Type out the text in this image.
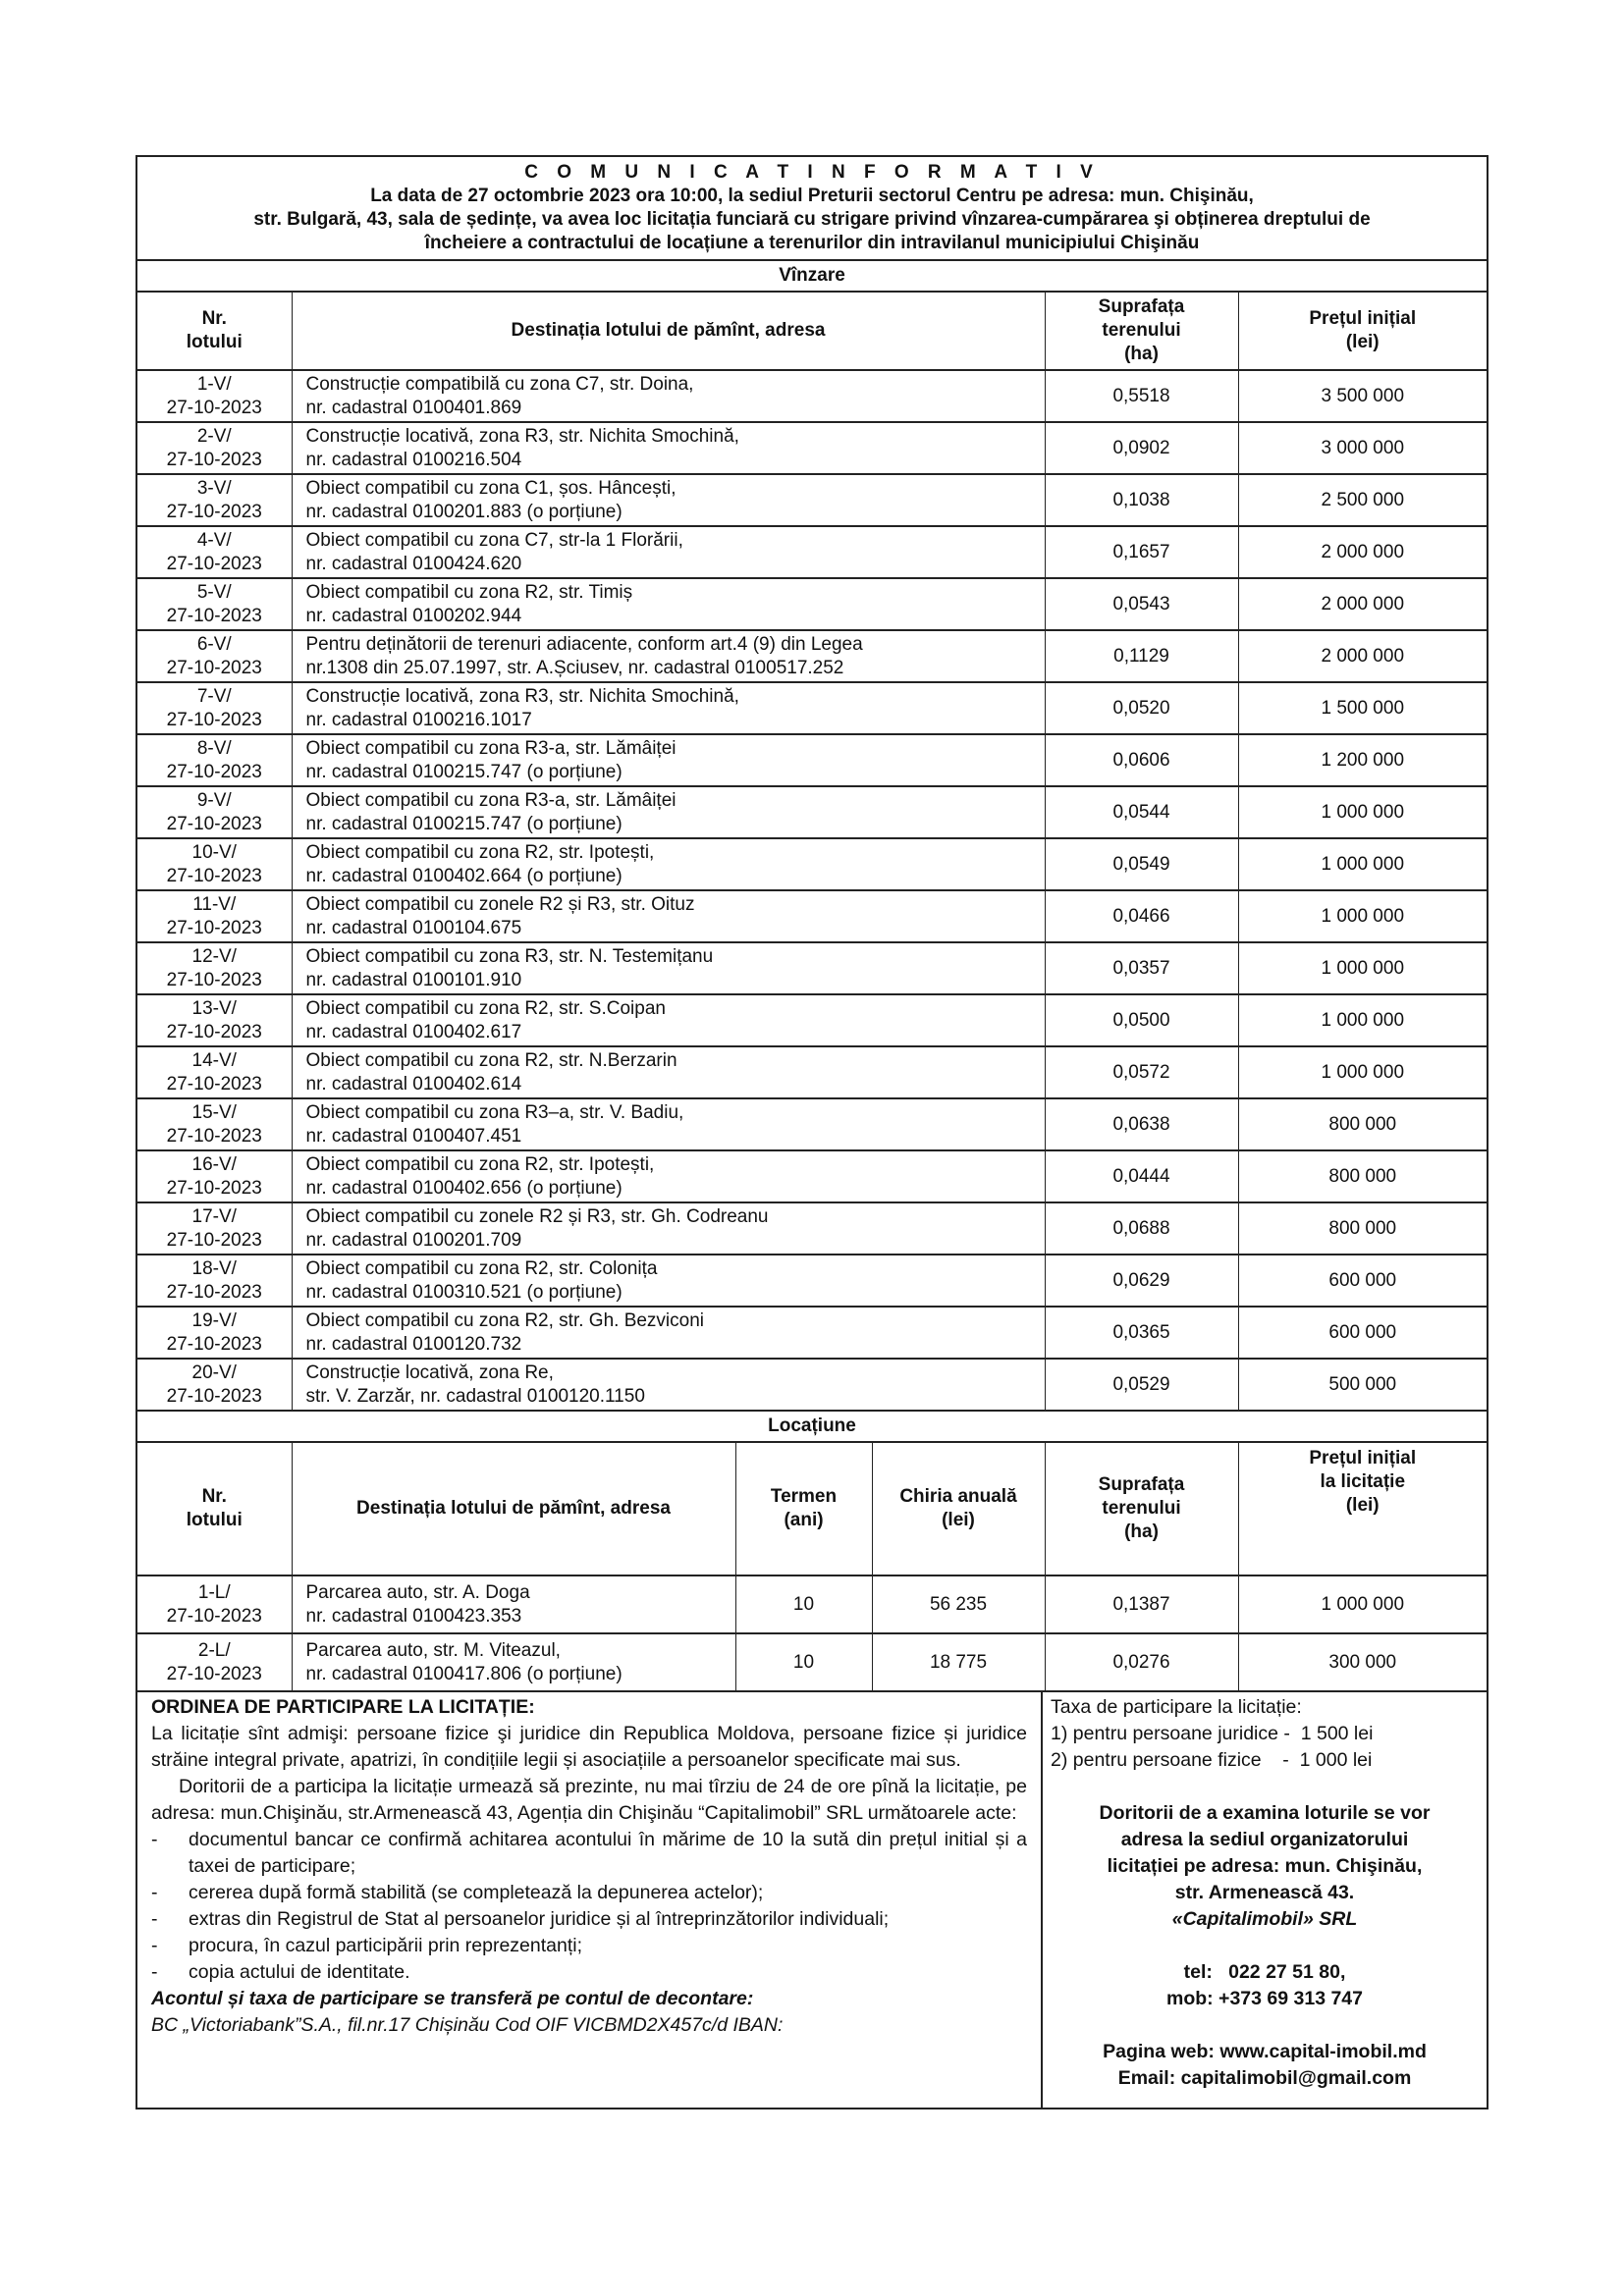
C O M U N I C A T I N F O R M A T I V
La data de 27 octombrie 2023 ora 10:00, la sediul Preturii sectorul Centru pe adresa: mun. Chişinău,
str. Bulgară, 43, sala de ședințe, va avea loc licitația funciară cu strigare privind vînzarea-cumpărarea şi obținerea dreptului de
încheiere a contractului de locațiune a terenurilor din intravilanul municipiului Chişinău
Vînzare
Nr.
lotului	Destinația lotului de pămînt, adresa	Suprafața
terenului
(ha)	Prețul inițial
(lei)
1-V/
27-10-2023	Construcție compatibilă cu zona C7, str. Doina,
nr. cadastral 0100401.869	0,5518	3 500 000
2-V/
27-10-2023	Construcție locativă, zona R3, str. Nichita Smochină,
nr. cadastral 0100216.504	0,0902	3 000 000
3-V/
27-10-2023	Obiect compatibil cu zona C1, șos. Hâncești,
nr. cadastral 0100201.883 (o porțiune)	0,1038	2 500 000
4-V/
27-10-2023	Obiect compatibil cu zona C7, str-la 1 Florării,
nr. cadastral 0100424.620	0,1657	2 000 000
5-V/
27-10-2023	Obiect compatibil cu zona R2, str. Timiș
nr. cadastral 0100202.944	0,0543	2 000 000
6-V/
27-10-2023	Pentru deținătorii de terenuri adiacente, conform art.4 (9) din Legea
nr.1308 din 25.07.1997, str. A.Șciusev, nr. cadastral 0100517.252	0,1129	2 000 000
7-V/
27-10-2023	Construcție locativă, zona R3, str. Nichita Smochină,
nr. cadastral 0100216.1017	0,0520	1 500 000
8-V/
27-10-2023	Obiect compatibil cu zona R3-a, str. Lămâiței
nr. cadastral 0100215.747 (o porțiune)	0,0606	1 200 000
9-V/
27-10-2023	Obiect compatibil cu zona R3-a, str. Lămâiței
nr. cadastral 0100215.747 (o porțiune)	0,0544	1 000 000
10-V/
27-10-2023	Obiect compatibil cu zona R2, str. Ipotești,
nr. cadastral 0100402.664 (o porțiune)	0,0549	1 000 000
11-V/
27-10-2023	Obiect compatibil cu zonele R2 și R3, str. Oituz
nr. cadastral 0100104.675	0,0466	1 000 000
12-V/
27-10-2023	Obiect compatibil cu zona R3, str. N. Testemițanu
nr. cadastral 0100101.910	0,0357	1 000 000
13-V/
27-10-2023	Obiect compatibil cu zona R2, str. S.Coipan
nr. cadastral 0100402.617	0,0500	1 000 000
14-V/
27-10-2023	Obiect compatibil cu zona R2, str. N.Berzarin
nr. cadastral 0100402.614	0,0572	1 000 000
15-V/
27-10-2023	Obiect compatibil cu zona R3–a, str. V. Badiu,
nr. cadastral 0100407.451	0,0638	800 000
16-V/
27-10-2023	Obiect compatibil cu zona R2, str. Ipotești,
nr. cadastral 0100402.656 (o porțiune)	0,0444	800 000
17-V/
27-10-2023	Obiect compatibil cu zonele R2 și R3, str. Gh. Codreanu
nr. cadastral 0100201.709	0,0688	800 000
18-V/
27-10-2023	Obiect compatibil cu zona R2, str. Colonița
nr. cadastral 0100310.521 (o porțiune)	0,0629	600 000
19-V/
27-10-2023	Obiect compatibil cu zona R2, str. Gh. Bezviconi
nr. cadastral 0100120.732	0,0365	600 000
20-V/
27-10-2023	Construcție locativă, zona Re,
str. V. Zarzăr, nr. cadastral 0100120.1150	0,0529	500 000
Locațiune
Nr.
lotului	Destinația lotului de pămînt, adresa	Termen
(ani)	Chiria anuală
(lei)	Suprafața
terenului
(ha)	Prețul inițial
la licitație
(lei)
1-L/
27-10-2023	Parcarea auto, str. A. Doga
nr. cadastral 0100423.353	10	56 235	0,1387	1 000 000
2-L/
27-10-2023	Parcarea auto, str. M. Viteazul,
nr. cadastral 0100417.806 (o porțiune)	10	18 775	0,0276	300 000
ORDINEA DE PARTICIPARE LA LICITAȚIE:
La licitație sînt admişi: persoane fizice şi juridice din Republica Moldova, persoane fizice și juridice străine integral private, apatrizi, în condițiile legii și asociațiile a persoanelor specificate mai sus.
Doritorii de a participa la licitație urmează să prezinte, nu mai tîrziu de 24 de ore pînă la licitație, pe adresa: mun.Chişinău, str.Armenească 43, Agenția din Chişinău “Capitalimobil” SRL următoarele acte:
-	documentul bancar ce confirmă achitarea acontului în mărime de 10 la sută din prețul initial și a taxei de participare;
-	cererea după formă stabilită (se completează la depunerea actelor);
-	extras din Registrul de Stat al persoanelor juridice și al întreprinzătorilor individuali;
-	procura, în cazul participării prin reprezentanți;
-	copia actului de identitate.
Acontul și taxa de participare se transferă pe contul de decontare:
BC „Victoriabank”S.A., fil.nr.17 Chișinău Cod OIF VICBMD2X457c/d IBAN:
Taxa de participare la licitație:
1) pentru persoane juridice -  1 500 lei
2) pentru persoane fizice    -  1 000 lei
Doritorii de a examina loturile se vor
adresa la sediul organizatorului
licitației pe adresa: mun. Chişinău,
str. Armenească 43.
«Capitalimobil» SRL
tel:   022 27 51 80,
mob: +373 69 313 747
Pagina web: www.capital-imobil.md
Email: capitalimobil@gmail.com
